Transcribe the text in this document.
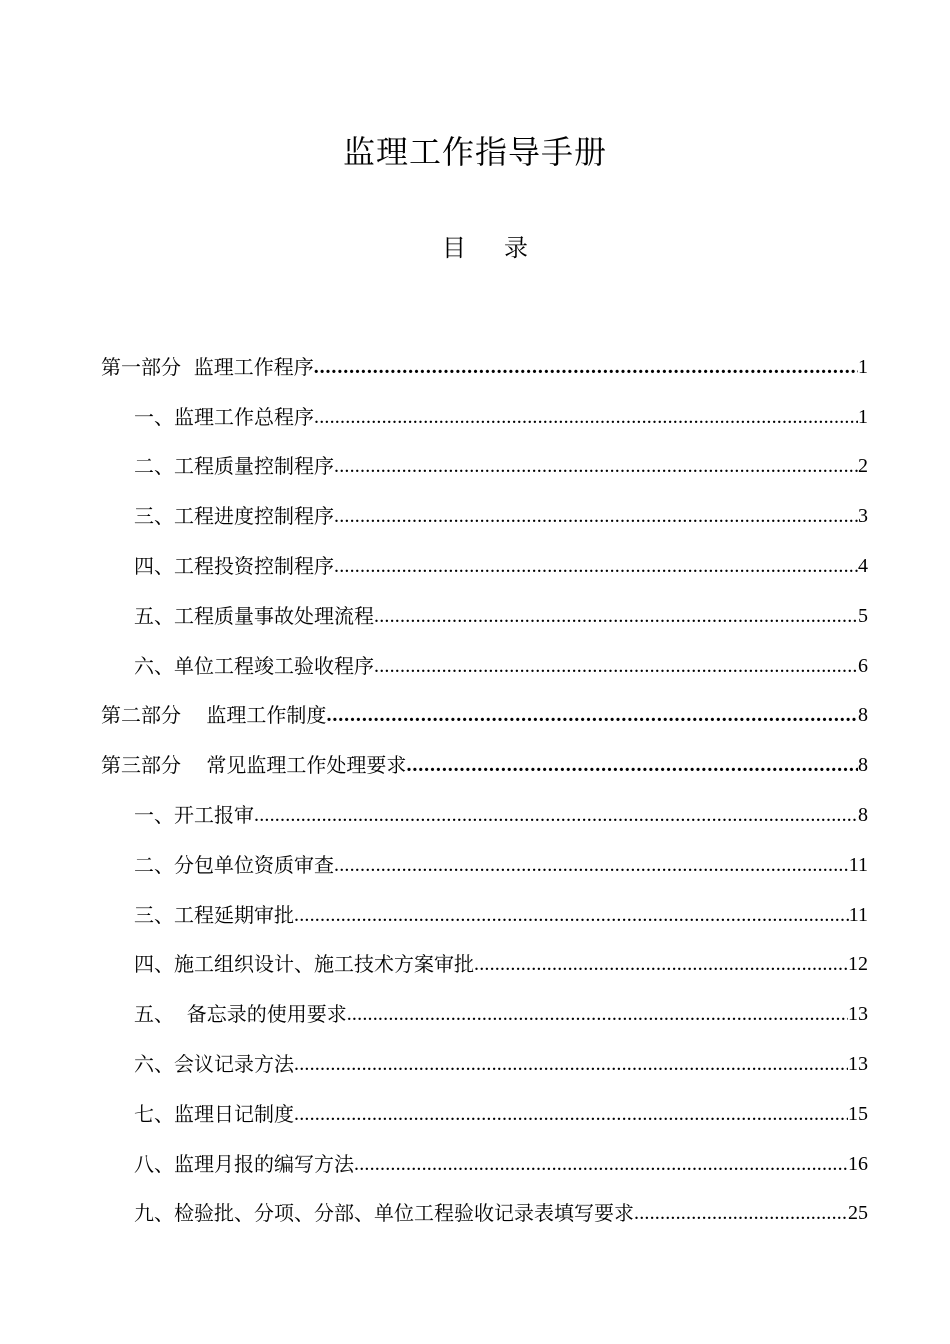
监理工作指导手册
目 录
第一部分  监理工作程序 .....	1
一、监理工作总程序 .....	1
二、工程质量控制程序 .....	2
三、工程进度控制程序 .....	3
四、工程投资控制程序 .....	4
五、工程质量事故处理流程 .....	5
六、单位工程竣工验收程序 .....	6
第二部分    监理工作制度 .....	8
第三部分    常见监理工作处理要求 .....	8
一、开工报审 .....	8
二、分包单位资质审查 .....	11
三、工程延期审批 .....	11
四、施工组织设计、施工技术方案审批 .....	12
五、  备忘录的使用要求 .....	13
六、会议记录方法 .....	13
七、监理日记制度 .....	15
八、监理月报的编写方法 .....	16
九、检验批、分项、分部、单位工程验收记录表填写要求 .....	25
